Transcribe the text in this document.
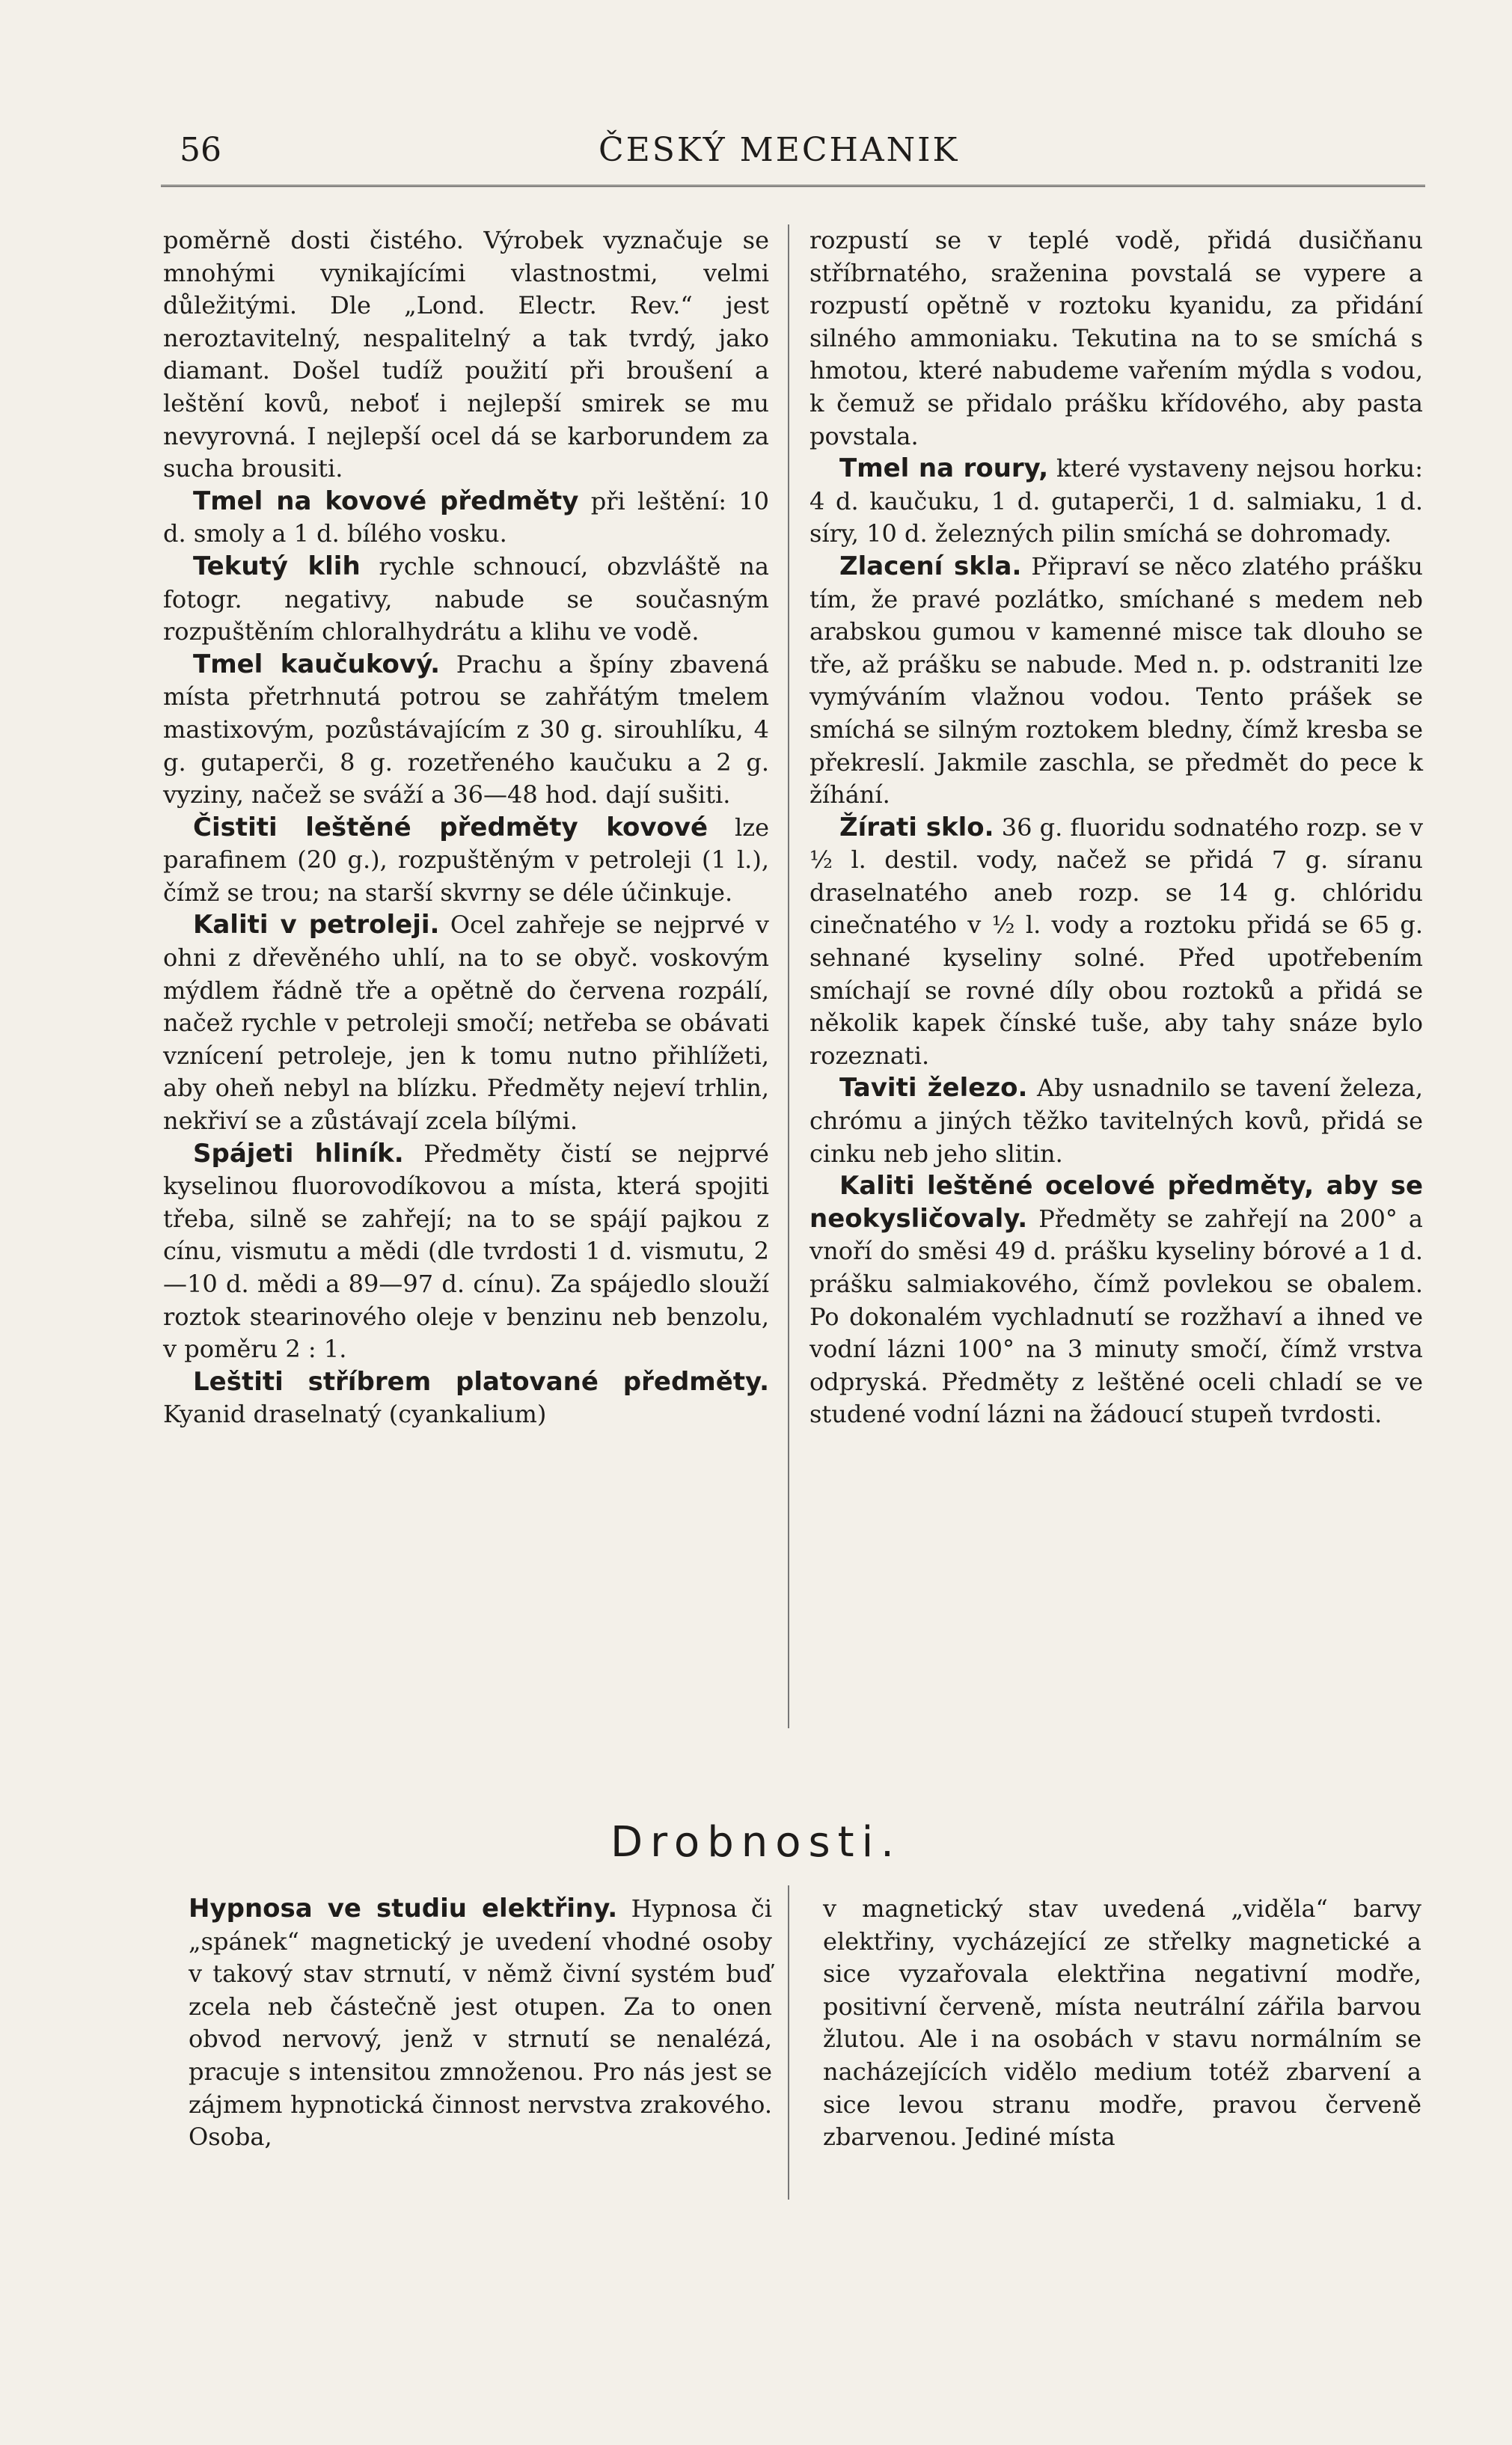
56	ČESKÝ MECHANIK

poměrně dosti čistého. Výrobek vyznačuje se mnohými vynikajícími vlastnostmi, velmi důležitými. Dle „Lond. Electr. Rev.“ jest neroztavitelný, nespalitelný a tak tvrdý, jako diamant. Došel tudíž použití při broušení a leštění kovů, neboť i nejlepší smirek se mu nevyrovná. I nejlepší ocel dá se karborundem za sucha brousiti.

Tmel na kovové předměty při leštění: 10 d. smoly a 1 d. bílého vosku.

Tekutý klih rychle schnoucí, obzvláště na fotogr. negativy, nabude se současným rozpuštěním chloralhydrátu a klihu ve vodě.

Tmel kaučukový. Prachu a špíny zbavená místa přetrhnutá potrou se zahřátým tmelem mastixovým, pozůstávajícím z 30 g. sirouhlíku, 4 g. gutaperči, 8 g. rozetřeného kaučuku a 2 g. vyziny, načež se sváží a 36—48 hod. dají sušiti.

Čistiti leštěné předměty kovové lze parafinem (20 g.), rozpuštěným v petroleji (1 l.), čímž se trou; na starší skvrny se déle účinkuje.

Kaliti v petroleji. Ocel zahřeje se nejprvé v ohni z dřevěného uhlí, na to se obyč. voskovým mýdlem řádně tře a opětně do červena rozpálí, načež rychle v petroleji smočí; netřeba se obávati vznícení petroleje, jen k tomu nutno přihlížeti, aby oheň nebyl na blízku. Předměty nejeví trhlin, nekřiví se a zůstávají zcela bílými.

Spájeti hliník. Předměty čistí se nejprvé kyselinou fluorovodíkovou a místa, která spojiti třeba, silně se zahřejí; na to se spájí pajkou z cínu, vismutu a mědi (dle tvrdosti 1 d. vismutu, 2—10 d. mědi a 89—97 d. cínu). Za spájedlo slouží roztok stearinového oleje v benzinu neb benzolu, v poměru 2 : 1.

Leštiti stříbrem platované předměty. Kyanid draselnatý (cyankalium)

rozpustí se v teplé vodě, přidá dusičňanu stříbrnatého, sraženina povstalá se vypere a rozpustí opětně v roztoku kyanidu, za přidání silného ammoniaku. Tekutina na to se smíchá s hmotou, které nabudeme vařením mýdla s vodou, k čemuž se přidalo prášku křídového, aby pasta povstala.

Tmel na roury, které vystaveny nejsou horku: 4 d. kaučuku, 1 d. gutaperči, 1 d. salmiaku, 1 d. síry, 10 d. železných pilin smíchá se dohromady.

Zlacení skla. Připraví se něco zlatého prášku tím, že pravé pozlátko, smíchané s medem neb arabskou gumou v kamenné misce tak dlouho se tře, až prášku se nabude. Med n. p. odstraniti lze vymýváním vlažnou vodou. Tento prášek se smíchá se silným roztokem bledny, čímž kresba se překreslí. Jakmile zaschla, se předmět do pece k žíhání.

Žírati sklo. 36 g. fluoridu sodnatého rozp. se v ½ l. destil. vody, načež se přidá 7 g. síranu draselnatého aneb rozp. se 14 g. chlóridu cinečnatého v ½ l. vody a roztoku přidá se 65 g. sehnané kyseliny solné. Před upotřebením smíchají se rovné díly obou roztoků a přidá se několik kapek čínské tuše, aby tahy snáze bylo rozeznati.

Taviti železo. Aby usnadnilo se tavení železa, chrómu a jiných těžko tavitelných kovů, přidá se cinku neb jeho slitin.

Kaliti leštěné ocelové předměty, aby se neokysličovaly. Předměty se zahřejí na 200° a vnoří do směsi 49 d. prášku kyseliny bórové a 1 d. prášku salmiakového, čímž povlekou se obalem. Po dokonalém vychladnutí se rozžhaví a ihned ve vodní lázni 100° na 3 minuty smočí, čímž vrstva odpryská. Předměty z leštěné oceli chladí se ve studené vodní lázni na žádoucí stupeň tvrdosti.

Drobnosti.

Hypnosa ve studiu elektřiny. Hypnosa či „spánek“ magnetický je uvedení vhodné osoby v takový stav strnutí, v němž čivní systém buď zcela neb částečně jest otupen. Za to onen obvod nervový, jenž v strnutí se nenalézá, pracuje s intensitou zmnoženou. Pro nás jest se zájmem hypnotická činnost nervstva zrakového. Osoba,

v magnetický stav uvedená „viděla“ barvy elektřiny, vycházející ze střelky magnetické a sice vyzařovala elektřina negativní modře, positivní červeně, místa neutrální zářila barvou žlutou. Ale i na osobách v stavu normálním se nacházejících vidělo medium totéž zbarvení a sice levou stranu modře, pravou červeně zbarvenou. Jediné místa
